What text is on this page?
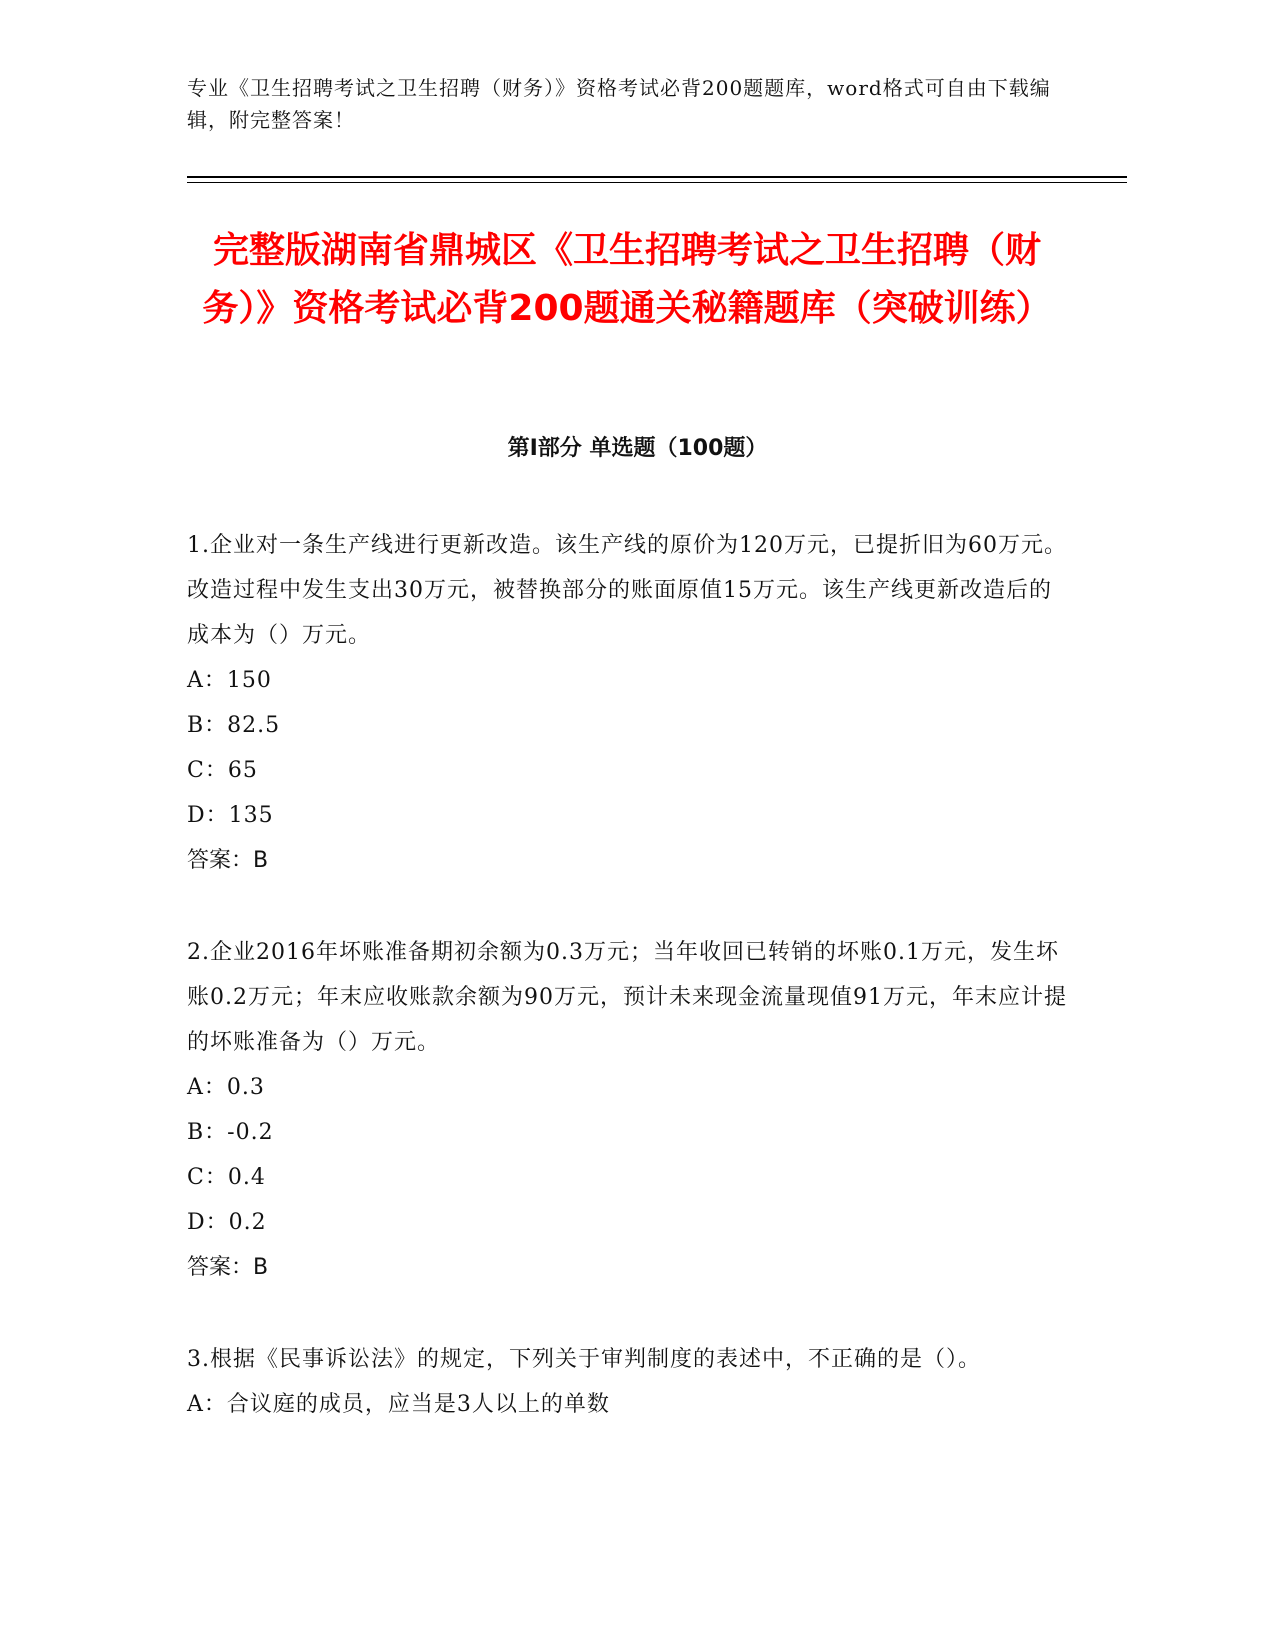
专业《卫生招聘考试之卫生招聘（财务）》资格考试必背200题题库，word格式可自由下载编辑，附完整答案！
完整版湖南省鼎城区《卫生招聘考试之卫生招聘（财务）》资格考试必背200题通关秘籍题库（突破训练）
第Ⅰ部分 单选题（100题）
1.企业对一条生产线进行更新改造。该生产线的原价为120万元，已提折旧为60万元。改造过程中发生支出30万元，被替换部分的账面原值15万元。该生产线更新改造后的成本为（）万元。
A：150
B：82.5
C：65
D：135
答案：B
2.企业2016年坏账准备期初余额为0.3万元；当年收回已转销的坏账0.1万元，发生坏账0.2万元；年末应收账款余额为90万元，预计未来现金流量现值91万元，年末应计提的坏账准备为（）万元。
A：0.3
B：-0.2
C：0.4
D：0.2
答案：B
3.根据《民事诉讼法》的规定，下列关于审判制度的表述中，不正确的是（）。
A：合议庭的成员，应当是3人以上的单数
